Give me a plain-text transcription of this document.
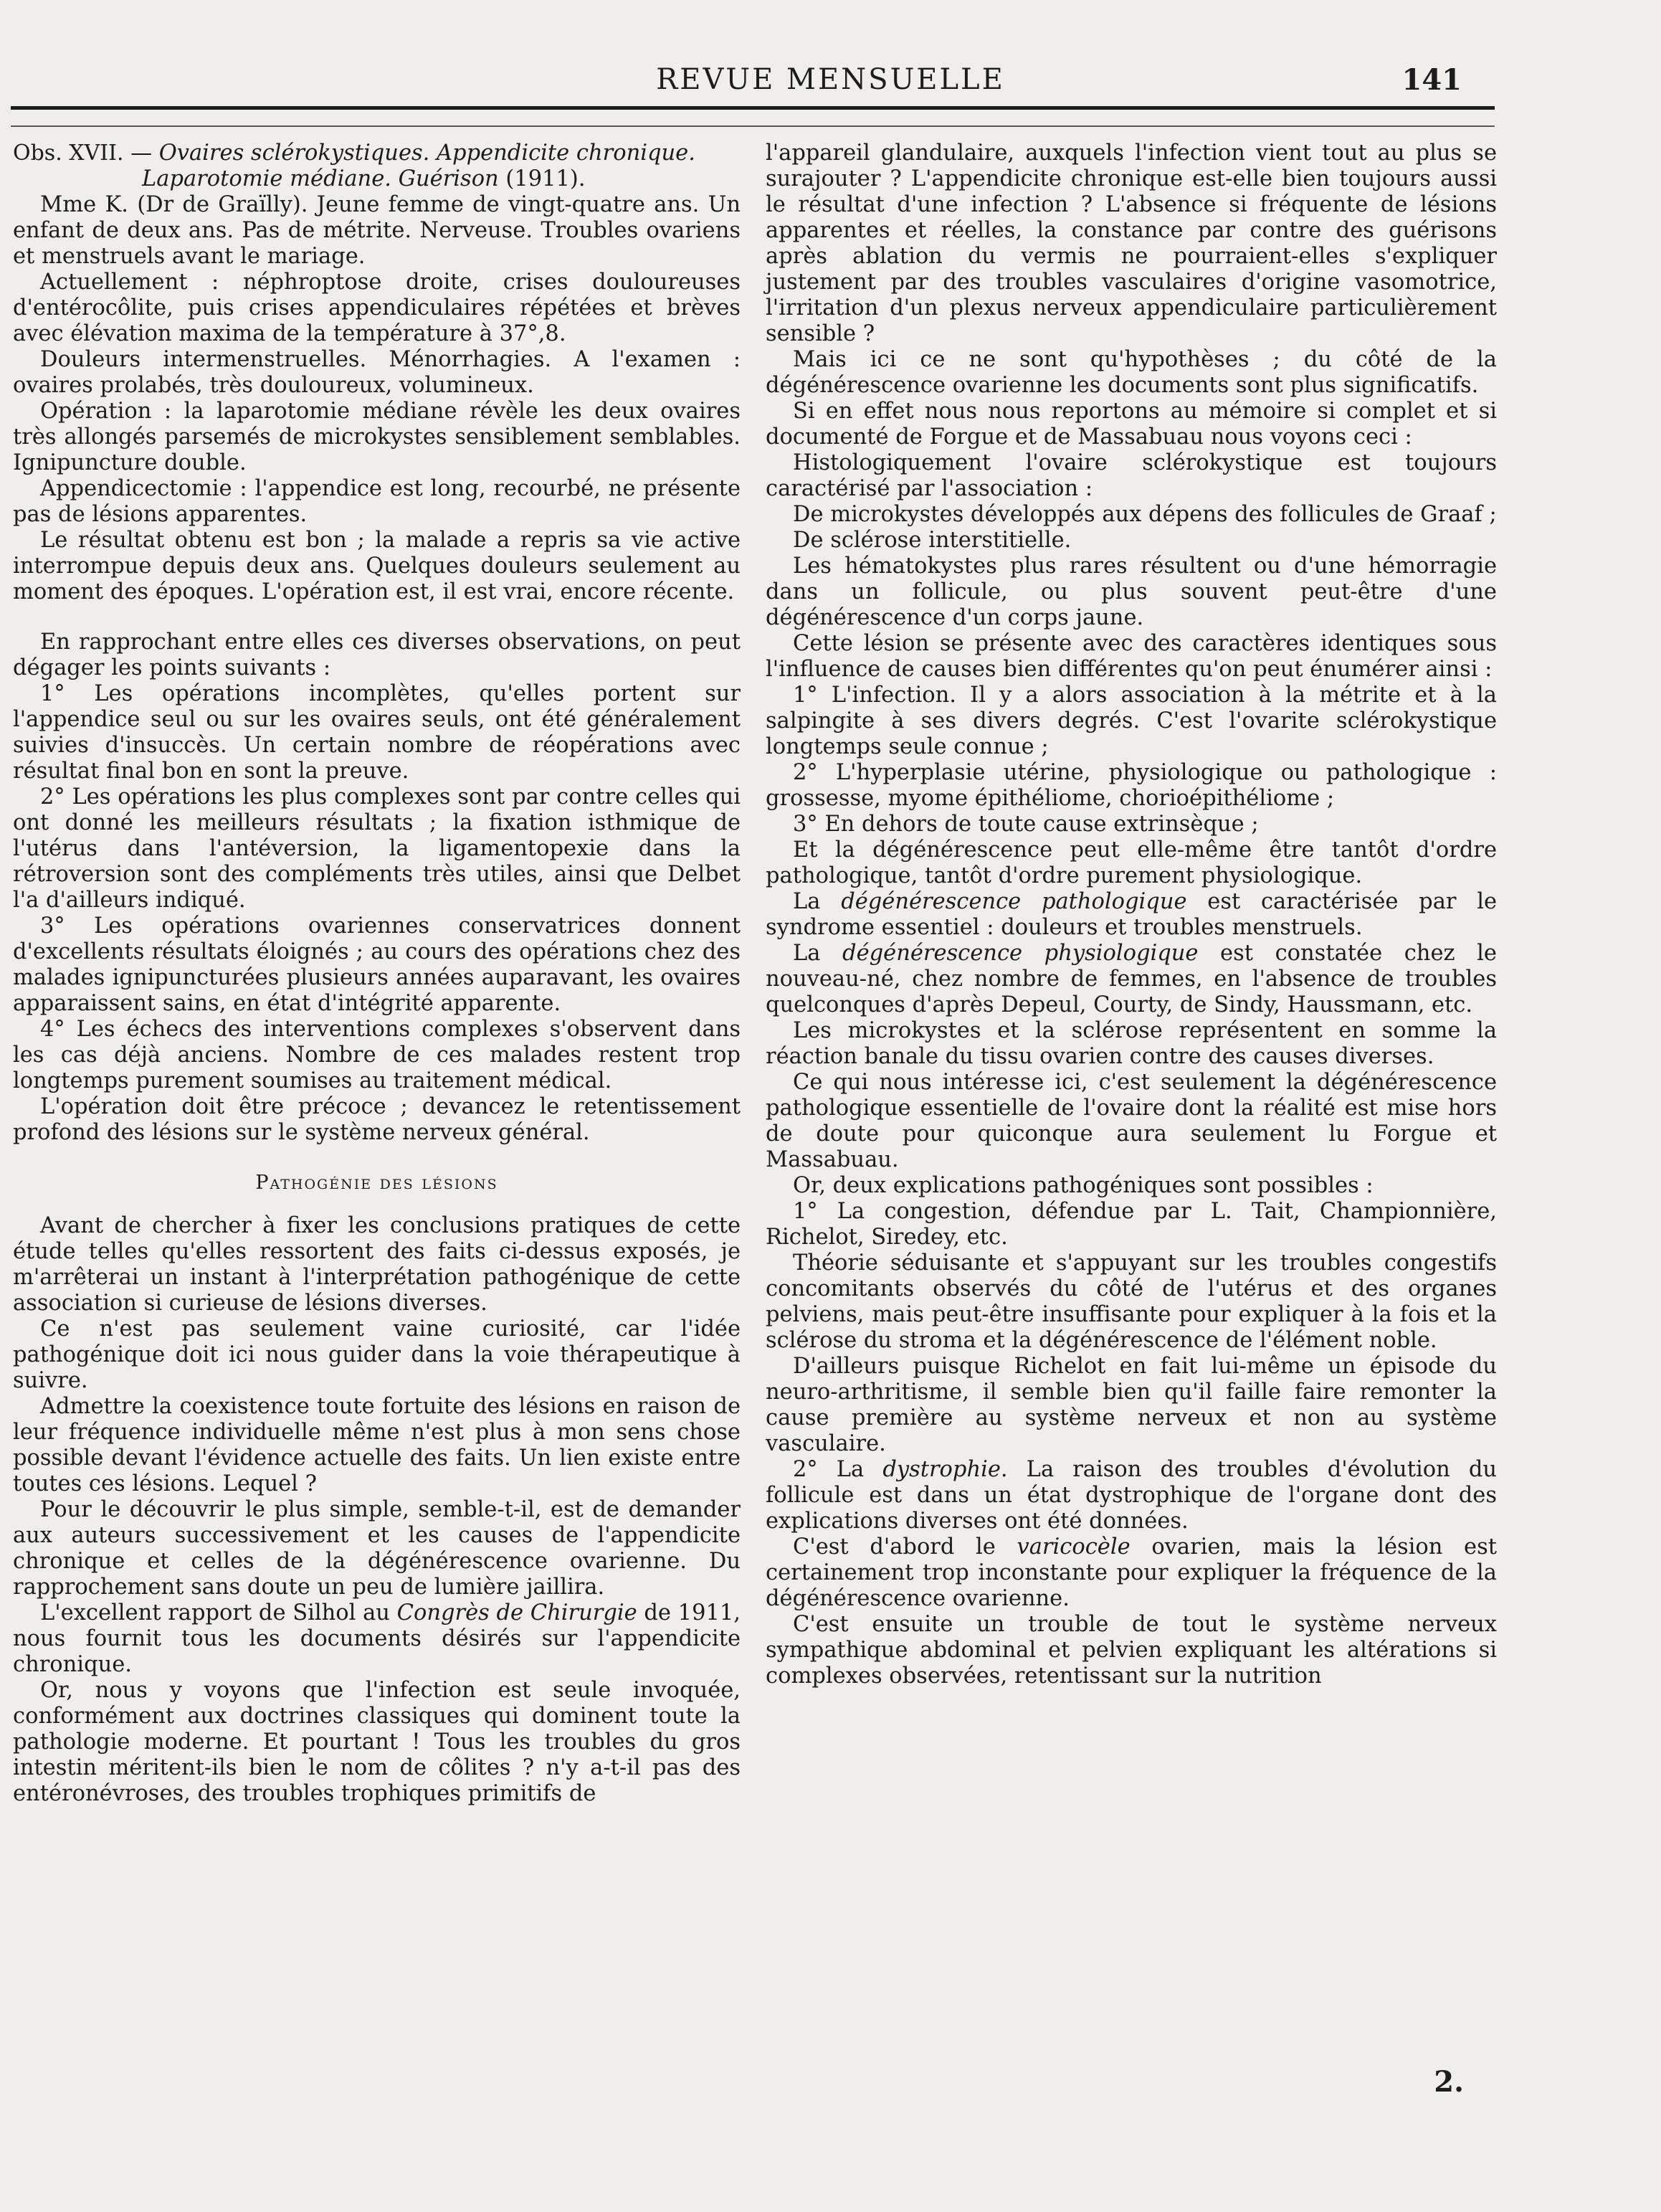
REVUE MENSUELLE	141

Obs. XVII. — Ovaires sclérokystiques. Appendicite chronique.
Laparotomie médiane. Guérison (1911).

Mme K. (Dr de Graïlly). Jeune femme de vingt-quatre ans. Un enfant de deux ans. Pas de métrite. Nerveuse. Troubles ovariens et menstruels avant le mariage.

Actuellement : néphroptose droite, crises douloureuses d'entérocôlite, puis crises appendiculaires répétées et brèves avec élévation maxima de la température à 37°,8.

Douleurs intermenstruelles. Ménorrhagies. A l'examen : ovaires prolabés, très douloureux, volumineux.

Opération : la laparotomie médiane révèle les deux ovaires très allongés parsemés de microkystes sensiblement semblables. Ignipuncture double.

Appendicectomie : l'appendice est long, recourbé, ne présente pas de lésions apparentes.

Le résultat obtenu est bon ; la malade a repris sa vie active interrompue depuis deux ans. Quelques douleurs seulement au moment des époques. L'opération est, il est vrai, encore récente.

En rapprochant entre elles ces diverses observations, on peut dégager les points suivants :

1° Les opérations incomplètes, qu'elles portent sur l'appendice seul ou sur les ovaires seuls, ont été généralement suivies d'insuccès. Un certain nombre de réopérations avec résultat final bon en sont la preuve.

2° Les opérations les plus complexes sont par contre celles qui ont donné les meilleurs résultats ; la fixation isthmique de l'utérus dans l'antéversion, la ligamentopexie dans la rétroversion sont des compléments très utiles, ainsi que Delbet l'a d'ailleurs indiqué.

3° Les opérations ovariennes conservatrices donnent d'excellents résultats éloignés ; au cours des opérations chez des malades ignipuncturées plusieurs années auparavant, les ovaires apparaissent sains, en état d'intégrité apparente.

4° Les échecs des interventions complexes s'observent dans les cas déjà anciens. Nombre de ces malades restent trop longtemps purement soumises au traitement médical.

L'opération doit être précoce ; devancez le retentissement profond des lésions sur le système nerveux général.

Pathogénie des lésions

Avant de chercher à fixer les conclusions pratiques de cette étude telles qu'elles ressortent des faits ci-dessus exposés, je m'arrêterai un instant à l'interprétation pathogénique de cette association si curieuse de lésions diverses.

Ce n'est pas seulement vaine curiosité, car l'idée pathogénique doit ici nous guider dans la voie thérapeutique à suivre.

Admettre la coexistence toute fortuite des lésions en raison de leur fréquence individuelle même n'est plus à mon sens chose possible devant l'évidence actuelle des faits. Un lien existe entre toutes ces lésions. Lequel ?

Pour le découvrir le plus simple, semble-t-il, est de demander aux auteurs successivement et les causes de l'appendicite chronique et celles de la dégénérescence ovarienne. Du rapprochement sans doute un peu de lumière jaillira.

L'excellent rapport de Silhol au Congrès de Chirurgie de 1911, nous fournit tous les documents désirés sur l'appendicite chronique.

Or, nous y voyons que l'infection est seule invoquée, conformément aux doctrines classiques qui dominent toute la pathologie moderne. Et pourtant ! Tous les troubles du gros intestin méritent-ils bien le nom de côlites ? n'y a-t-il pas des entéronévroses, des troubles trophiques primitifs de

l'appareil glandulaire, auxquels l'infection vient tout au plus se surajouter ? L'appendicite chronique est-elle bien toujours aussi le résultat d'une infection ? L'absence si fréquente de lésions apparentes et réelles, la constance par contre des guérisons après ablation du vermis ne pourraient-elles s'expliquer justement par des troubles vasculaires d'origine vasomotrice, l'irritation d'un plexus nerveux appendiculaire particulièrement sensible ?

Mais ici ce ne sont qu'hypothèses ; du côté de la dégénérescence ovarienne les documents sont plus significatifs.

Si en effet nous nous reportons au mémoire si complet et si documenté de Forgue et de Massabuau nous voyons ceci :

Histologiquement l'ovaire sclérokystique est toujours caractérisé par l'association :

De microkystes développés aux dépens des follicules de Graaf ;

De sclérose interstitielle.

Les hématokystes plus rares résultent ou d'une hémorragie dans un follicule, ou plus souvent peut-être d'une dégénérescence d'un corps jaune.

Cette lésion se présente avec des caractères identiques sous l'influence de causes bien différentes qu'on peut énumérer ainsi :

1° L'infection. Il y a alors association à la métrite et à la salpingite à ses divers degrés. C'est l'ovarite sclérokystique longtemps seule connue ;

2° L'hyperplasie utérine, physiologique ou pathologique : grossesse, myome épithéliome, chorioépithéliome ;

3° En dehors de toute cause extrinsèque ;

Et la dégénérescence peut elle-même être tantôt d'ordre pathologique, tantôt d'ordre purement physiologique.

La dégénérescence pathologique est caractérisée par le syndrome essentiel : douleurs et troubles menstruels.

La dégénérescence physiologique est constatée chez le nouveau-né, chez nombre de femmes, en l'absence de troubles quelconques d'après Depeul, Courty, de Sindy, Haussmann, etc.

Les microkystes et la sclérose représentent en somme la réaction banale du tissu ovarien contre des causes diverses.

Ce qui nous intéresse ici, c'est seulement la dégénérescence pathologique essentielle de l'ovaire dont la réalité est mise hors de doute pour quiconque aura seulement lu Forgue et Massabuau.

Or, deux explications pathogéniques sont possibles :

1° La congestion, défendue par L. Tait, Championnière, Richelot, Siredey, etc.

Théorie séduisante et s'appuyant sur les troubles congestifs concomitants observés du côté de l'utérus et des organes pelviens, mais peut-être insuffisante pour expliquer à la fois et la sclérose du stroma et la dégénérescence de l'élément noble.

D'ailleurs puisque Richelot en fait lui-même un épisode du neuro-arthritisme, il semble bien qu'il faille faire remonter la cause première au système nerveux et non au système vasculaire.

2° La dystrophie. La raison des troubles d'évolution du follicule est dans un état dystrophique de l'organe dont des explications diverses ont été données.

C'est d'abord le varicocèle ovarien, mais la lésion est certainement trop inconstante pour expliquer la fréquence de la dégénérescence ovarienne.

C'est ensuite un trouble de tout le système nerveux sympathique abdominal et pelvien expliquant les altérations si complexes observées, retentissant sur la nutrition

2.
